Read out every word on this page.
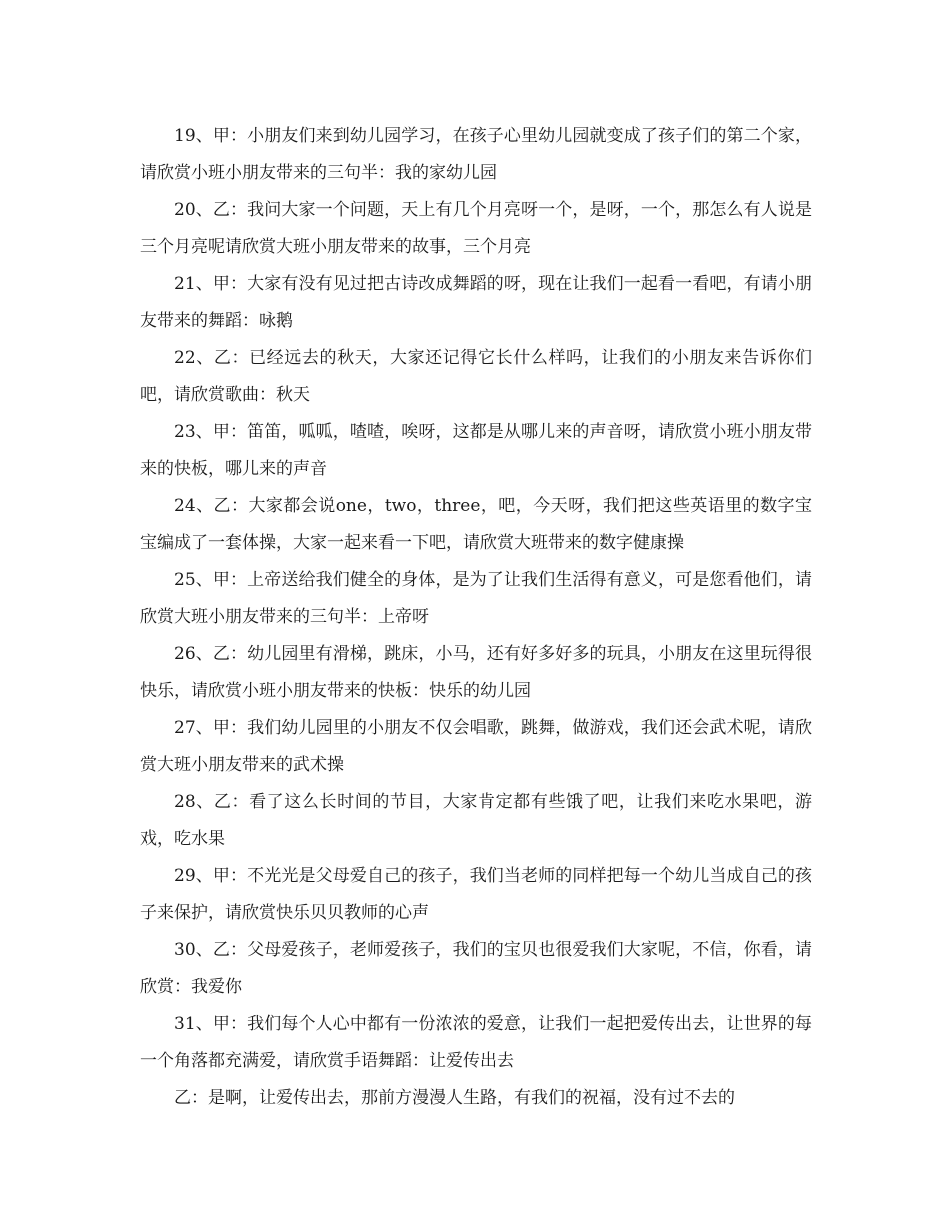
19、甲：小朋友们来到幼儿园学习，在孩子心里幼儿园就变成了孩子们的第二个家，请欣赏小班小朋友带来的三句半：我的家幼儿园

20、乙：我问大家一个问题，天上有几个月亮呀一个，是呀，一个，那怎么有人说是三个月亮呢请欣赏大班小朋友带来的故事，三个月亮

21、甲：大家有没有见过把古诗改成舞蹈的呀，现在让我们一起看一看吧，有请小朋友带来的舞蹈：咏鹅

22、乙：已经远去的秋天，大家还记得它长什么样吗，让我们的小朋友来告诉你们吧，请欣赏歌曲：秋天

23、甲：笛笛，呱呱，喳喳，唉呀，这都是从哪儿来的声音呀，请欣赏小班小朋友带来的快板，哪儿来的声音

24、乙：大家都会说one，two，three，吧，今天呀，我们把这些英语里的数字宝宝编成了一套体操，大家一起来看一下吧，请欣赏大班带来的数字健康操

25、甲：上帝送给我们健全的身体，是为了让我们生活得有意义，可是您看他们，请欣赏大班小朋友带来的三句半：上帝呀

26、乙：幼儿园里有滑梯，跳床，小马，还有好多好多的玩具，小朋友在这里玩得很快乐，请欣赏小班小朋友带来的快板：快乐的幼儿园

27、甲：我们幼儿园里的小朋友不仅会唱歌，跳舞，做游戏，我们还会武术呢，请欣赏大班小朋友带来的武术操

28、乙：看了这么长时间的节目，大家肯定都有些饿了吧，让我们来吃水果吧，游戏，吃水果

29、甲：不光光是父母爱自己的孩子，我们当老师的同样把每一个幼儿当成自己的孩子来保护，请欣赏快乐贝贝教师的心声

30、乙：父母爱孩子，老师爱孩子，我们的宝贝也很爱我们大家呢，不信，你看，请欣赏：我爱你

31、甲：我们每个人心中都有一份浓浓的爱意，让我们一起把爱传出去，让世界的每一个角落都充满爱，请欣赏手语舞蹈：让爱传出去

乙：是啊，让爱传出去，那前方漫漫人生路，有我们的祝福，没有过不去的
